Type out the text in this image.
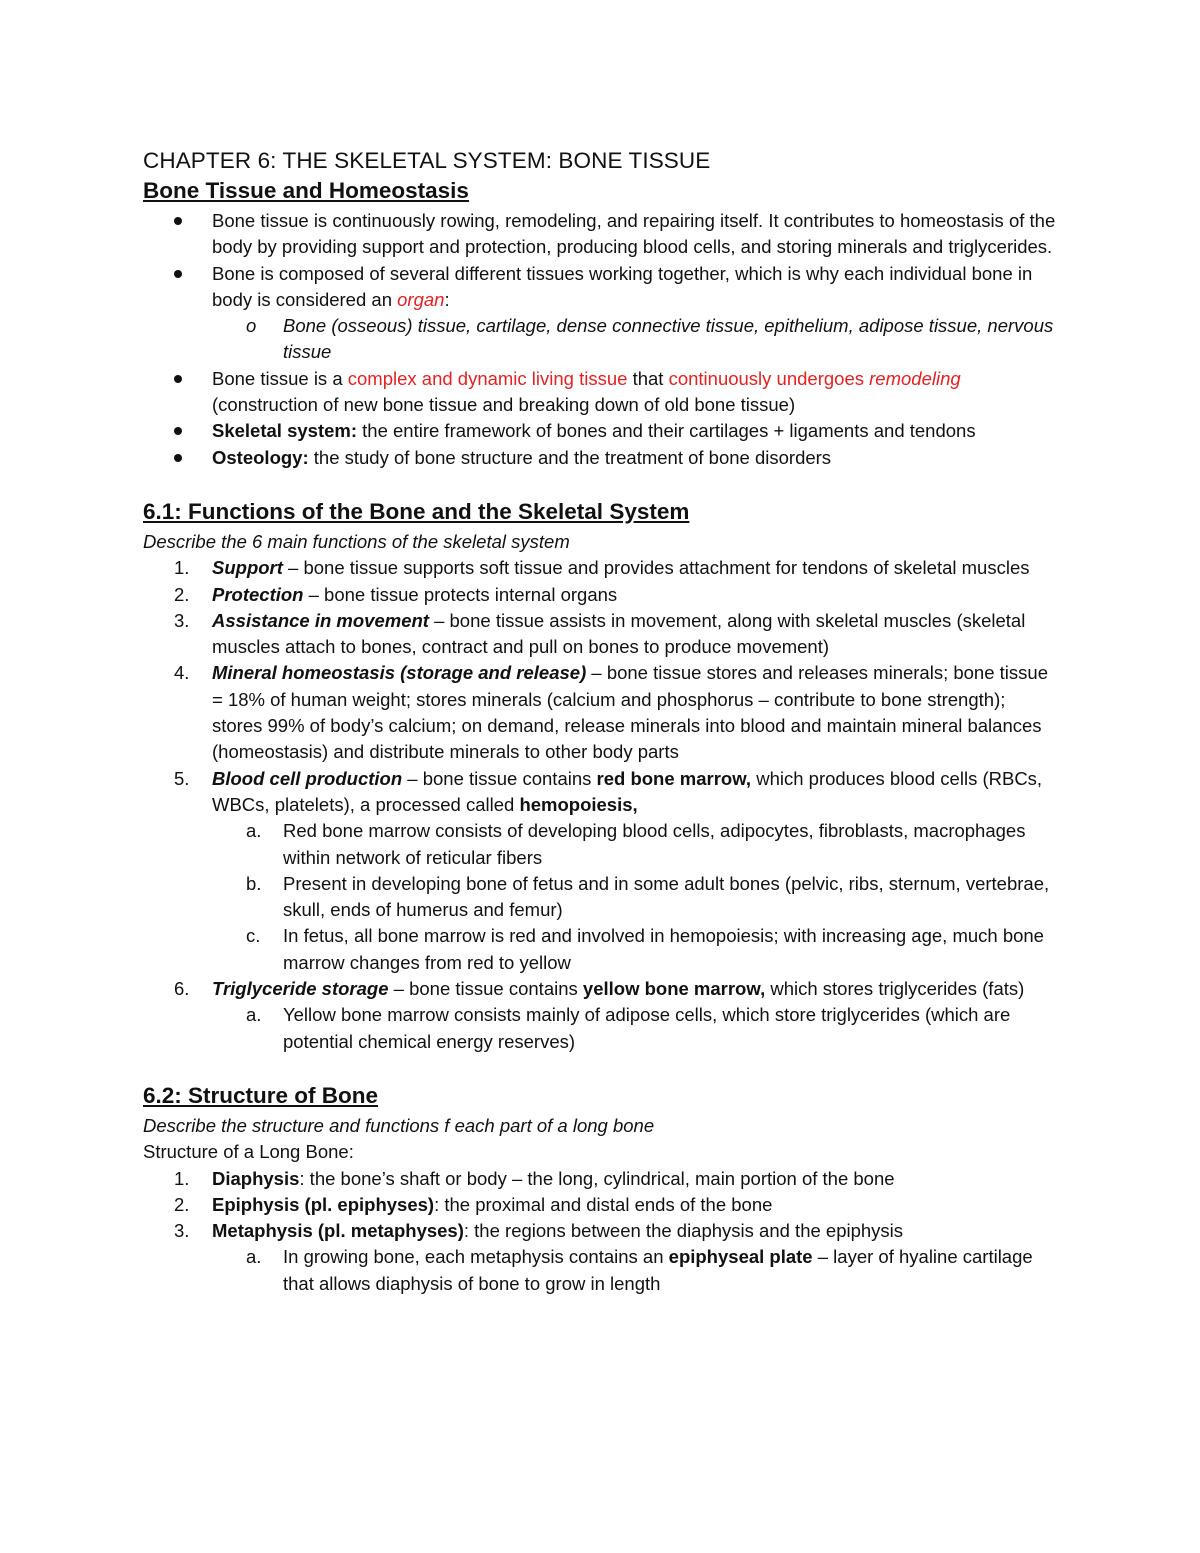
CHAPTER 6: THE SKELETAL SYSTEM: BONE TISSUE
Bone Tissue and Homeostasis
Bone tissue is continuously rowing, remodeling, and repairing itself. It contributes to homeostasis of the body by providing support and protection, producing blood cells, and storing minerals and triglycerides.
Bone is composed of several different tissues working together, which is why each individual bone in body is considered an organ:
o Bone (osseous) tissue, cartilage, dense connective tissue, epithelium, adipose tissue, nervous tissue
Bone tissue is a complex and dynamic living tissue that continuously undergoes remodeling (construction of new bone tissue and breaking down of old bone tissue)
Skeletal system: the entire framework of bones and their cartilages + ligaments and tendons
Osteology: the study of bone structure and the treatment of bone disorders
6.1: Functions of the Bone and the Skeletal System

Describe the 6 main functions of the skeletal system

1. Support – bone tissue supports soft tissue and provides attachment for tendons of skeletal muscles
2. Protection – bone tissue protects internal organs
3. Assistance in movement – bone tissue assists in movement, along with skeletal muscles (skeletal muscles attach to bones, contract and pull on bones to produce movement)
4. Mineral homeostasis (storage and release) – bone tissue stores and releases minerals; bone tissue = 18% of human weight; stores minerals (calcium and phosphorus – contribute to bone strength); stores 99% of body’s calcium; on demand, release minerals into blood and maintain mineral balances (homeostasis) and distribute minerals to other body parts
5. Blood cell production – bone tissue contains red bone marrow, which produces blood cells (RBCs, WBCs, platelets), a processed called hemopoiesis,
a. Red bone marrow consists of developing blood cells, adipocytes, fibroblasts, macrophages within network of reticular fibers
b. Present in developing bone of fetus and in some adult bones (pelvic, ribs, sternum, vertebrae, skull, ends of humerus and femur)
c. In fetus, all bone marrow is red and involved in hemopoiesis; with increasing age, much bone marrow changes from red to yellow
6. Triglyceride storage – bone tissue contains yellow bone marrow, which stores triglycerides (fats)
a. Yellow bone marrow consists mainly of adipose cells, which store triglycerides (which are potential chemical energy reserves)
6.2: Structure of Bone

Describe the structure and functions f each part of a long bone

Structure of a Long Bone:

1. Diaphysis: the bone’s shaft or body – the long, cylindrical, main portion of the bone
2. Epiphysis (pl. epiphyses): the proximal and distal ends of the bone
3. Metaphysis (pl. metaphyses): the regions between the diaphysis and the epiphysis
a. In growing bone, each metaphysis contains an epiphyseal plate – layer of hyaline cartilage that allows diaphysis of bone to grow in length
